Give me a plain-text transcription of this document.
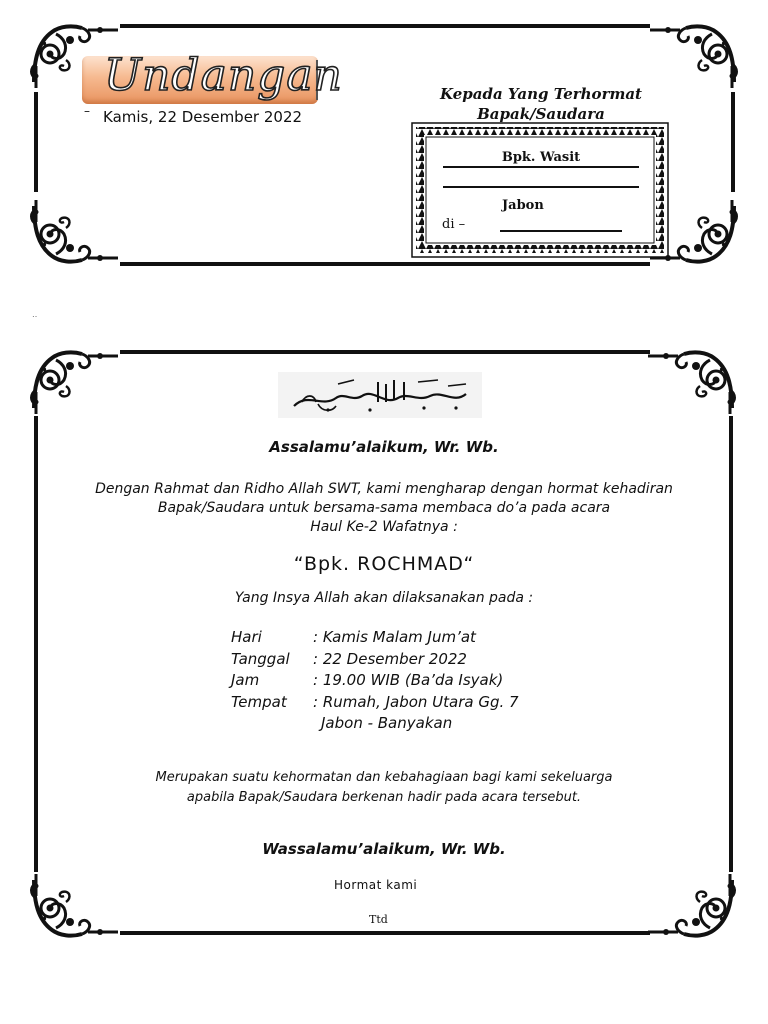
Undangan
– Kamis, 22 Desember 2022
Kepada Yang Terhormat
Bapak/Saudara
Bpk. Wasit
Jabon
di –
‥
Assalamu’alaikum, Wr. Wb.
Dengan Rahmat dan Ridho Allah SWT, kami mengharap dengan hormat kehadiran
Bapak/Saudara untuk bersama-sama membaca do’a pada acara
Haul Ke-2 Wafatnya :
“Bpk. ROCHMAD“
Yang Insya Allah akan dilaksanakan pada :
Hari	: Kamis Malam Jum’at
Tanggal : 22 Desember 2022
Jam	: 19.00 WIB (Ba’da Isyak)
Tempat : Rumah, Jabon Utara Gg. 7
Jabon - Banyakan
Merupakan suatu kehormatan dan kebahagiaan bagi kami sekeluarga
apabila Bapak/Saudara berkenan hadir pada acara tersebut.
Wassalamu’alaikum, Wr. Wb.
Hormat kami
Ttd
